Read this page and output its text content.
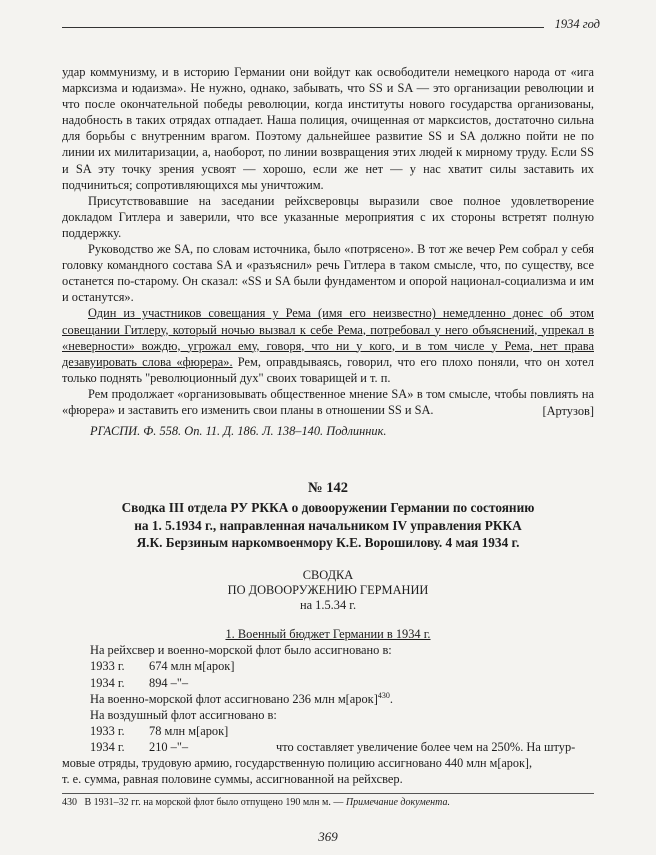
1934 год

удар коммунизму, и в историю Германии они войдут как освободители немецкого народа от «ига марксизма и юдаизма». Не нужно, однако, забывать, что SS и SA — это организации революции и что после окончательной победы революции, когда институты нового государства организованы, надобность в таких отрядах отпадает. Наша полиция, очищенная от марксистов, достаточно сильна для борьбы с внутренним врагом. Поэтому дальнейшее развитие SS и SA должно пойти не по линии их милитаризации, а, наоборот, по линии возвращения этих людей к мирному труду. Если SS и SA эту точку зрения усвоят — хорошо, если же нет — у нас хватит силы заставить их подчиниться; сопротивляющихся мы уничтожим.

Присутствовавшие на заседании рейхсверовцы выразили свое полное удовлетворение докладом Гитлера и заверили, что все указанные мероприятия с их стороны встретят полную поддержку.

Руководство же SA, по словам источника, было «потрясено». В тот же вечер Рем собрал у себя головку командного состава SA и «разъяснил» речь Гитлера в таком смысле, что, по существу, все останется по-старому. Он сказал: «SS и SA были фундаментом и опорой национал-социализма и им и останутся».

Один из участников совещания у Рема (имя его неизвестно) немедленно донес об этом совещании Гитлеру, который ночью вызвал к себе Рема, потребовал у него объяснений, упрекал в «неверности» вождю, угрожал ему, говоря, что ни у кого, и в том числе у Рема, нет права дезавуировать слова «фюрера». Рем, оправдываясь, говорил, что его плохо поняли, что он хотел только поднять "революционный дух" своих товарищей и т. п.

Рем продолжает «организовывать общественное мнение SA» в том смысле, чтобы повлиять на «фюрера» и заставить его изменить свои планы в отношении SS и SA.	[Артузов]
РГАСПИ. Ф. 558. Оп. 11. Д. 186. Л. 138–140. Подлинник.
№ 142
Сводка III отдела РУ РККА о довооружении Германии по состоянию
на 1. 5.1934 г., направленная начальником IV управления РККА
Я.К. Берзиным наркомвоенмору К.Е. Ворошилову. 4 мая 1934 г.
СВОДКА
ПО ДОВООРУЖЕНИЮ ГЕРМАНИИ
на 1.5.34 г.
1. Военный бюджет Германии в 1934 г.
На рейхсвер и военно-морской флот было ассигновано в:
1933 г. 674 млн м[арок]
1934 г. 894 –"–
На военно-морской флот ассигновано 236 млн м[арок]$^{430}$.
На воздушный флот ассигновано в:
1933 г. 78 млн м[арок]
1934 г. 210 –"–	что составляет увеличение более чем на 250%. На штур-
мовые отряды, трудовую армию, государственную полицию ассигновано 440 млн м[арок],
т. е. сумма, равная половине суммы, ассигнованной на рейхсвер.
430 В 1931–32 гг. на морской флот было отпущено 190 млн м. — Примечание документа.
369
